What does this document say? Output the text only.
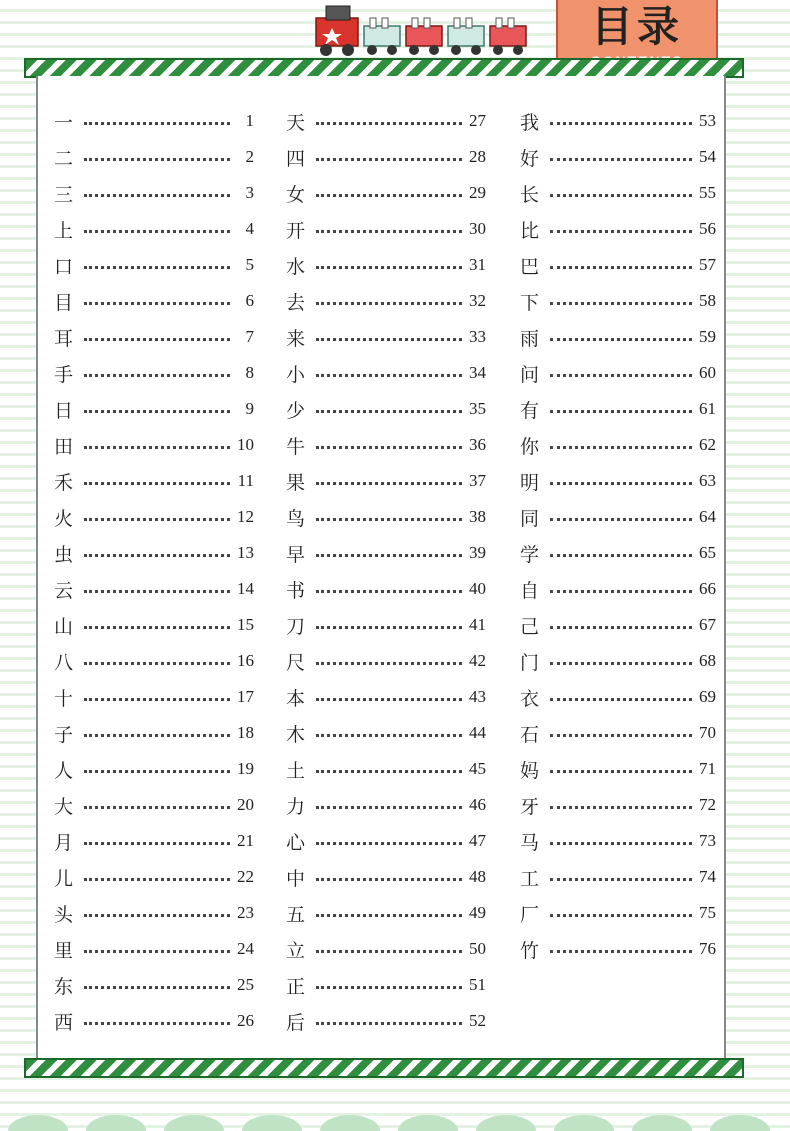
目录
一	1
二	2
三	3
上	4
口	5
目	6
耳	7
手	8
日	9
田	10
禾	11
火	12
虫	13
云	14
山	15
八	16
十	17
子	18
人	19
大	20
月	21
儿	22
头	23
里	24
东	25
西	26
天	27
四	28
女	29
开	30
水	31
去	32
来	33
小	34
少	35
牛	36
果	37
鸟	38
早	39
书	40
刀	41
尺	42
本	43
木	44
土	45
力	46
心	47
中	48
五	49
立	50
正	51
后	52
我	53
好	54
长	55
比	56
巴	57
下	58
雨	59
问	60
有	61
你	62
明	63
同	64
学	65
自	66
己	67
门	68
衣	69
石	70
妈	71
牙	72
马	73
工	74
厂	75
竹	76
